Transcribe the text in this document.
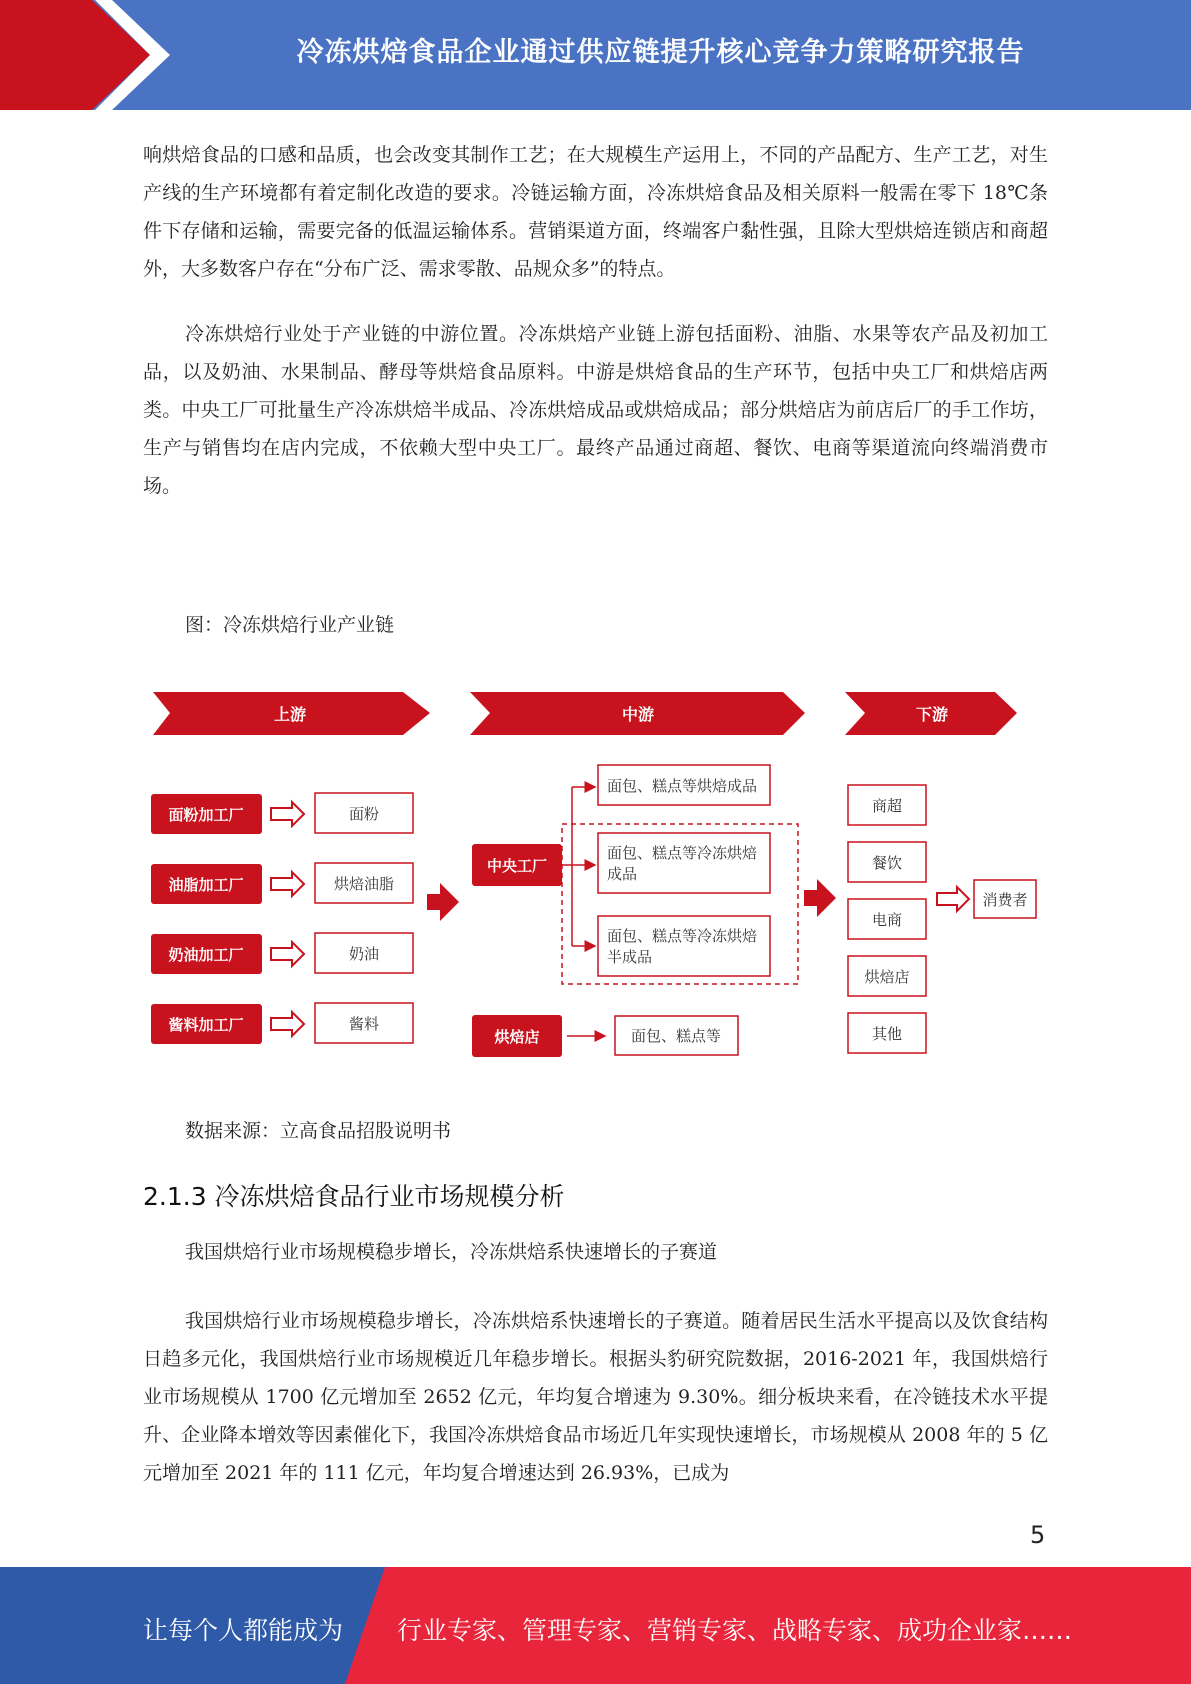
冷冻烘焙食品企业通过供应链提升核心竞争力策略研究报告

响烘焙食品的口感和品质，也会改变其制作工艺；在大规模生产运用上，不同的产品配方、生产工艺，对生产线的生产环境都有着定制化改造的要求。冷链运输方面，冷冻烘焙食品及相关原料一般需在零下 18℃条件下存储和运输，需要完备的低温运输体系。营销渠道方面，终端客户黏性强，且除大型烘焙连锁店和商超外，大多数客户存在“分布广泛、需求零散、品规众多”的特点。

冷冻烘焙行业处于产业链的中游位置。冷冻烘焙产业链上游包括面粉、油脂、水果等农产品及初加工品，以及奶油、水果制品、酵母等烘焙食品原料。中游是烘焙食品的生产环节，包括中央工厂和烘焙店两类。中央工厂可批量生产冷冻烘焙半成品、冷冻烘焙成品或烘焙成品；部分烘焙店为前店后厂的手工作坊，生产与销售均在店内完成，不依赖大型中央工厂。最终产品通过商超、餐饮、电商等渠道流向终端消费市场。

图：冷冻烘焙行业产业链

上游	中游	下游
面粉加工厂	面粉
油脂加工厂	烘焙油脂
奶油加工厂	奶油
酱料加工厂	酱料
中央工厂
面包、糕点等烘焙成品
面包、糕点等冷冻烘焙成品
面包、糕点等冷冻烘焙半成品
烘焙店	面包、糕点等
商超
餐饮
电商
烘焙店
其他
消费者

数据来源：立高食品招股说明书

2.1.3 冷冻烘焙食品行业市场规模分析

我国烘焙行业市场规模稳步增长，冷冻烘焙系快速增长的子赛道

我国烘焙行业市场规模稳步增长，冷冻烘焙系快速增长的子赛道。随着居民生活水平提高以及饮食结构日趋多元化，我国烘焙行业市场规模近几年稳步增长。根据头豹研究院数据，2016-2021 年，我国烘焙行业市场规模从 1700 亿元增加至 2652 亿元，年均复合增速为 9.30%。细分板块来看，在冷链技术水平提升、企业降本增效等因素催化下，我国冷冻烘焙食品市场近几年实现快速增长，市场规模从 2008 年的 5 亿元增加至 2021 年的 111 亿元，年均复合增速达到 26.93%，已成为

5
让每个人都能成为 行业专家、管理专家、营销专家、战略专家、成功企业家……
